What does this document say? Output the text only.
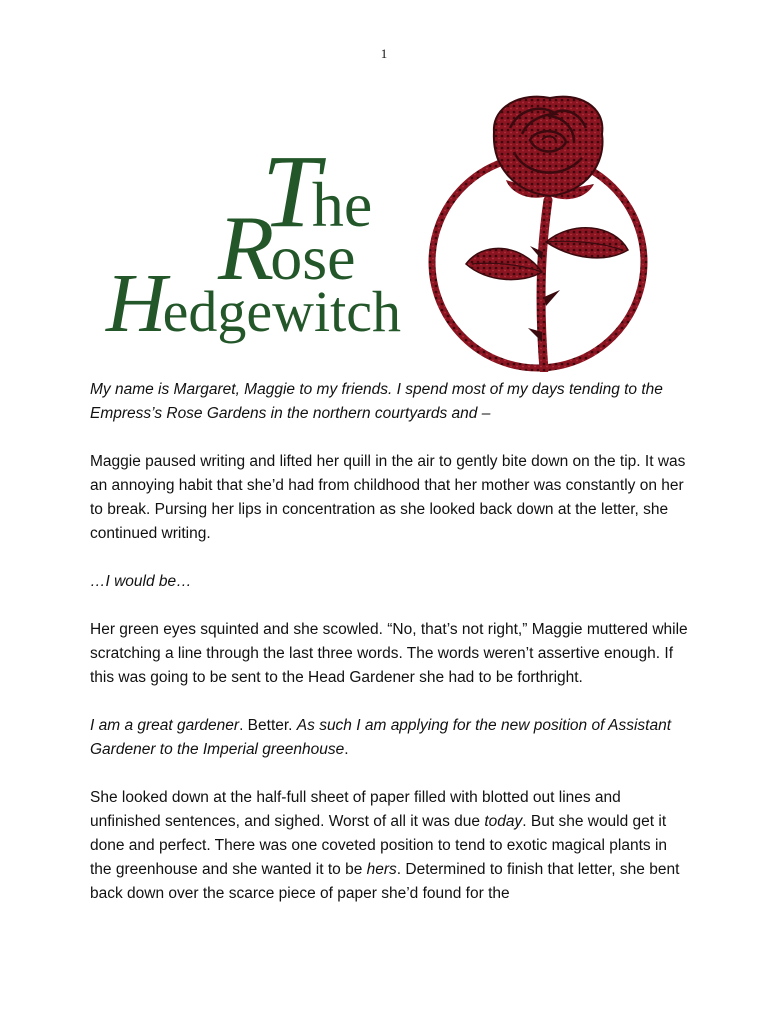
1
The
Rose
Hedgewitch

My name is Margaret, Maggie to my friends. I spend most of my days tending to the Empress’s Rose Gardens in the northern courtyards and –

Maggie paused writing and lifted her quill in the air to gently bite down on the tip. It was an annoying habit that she’d had from childhood that her mother was constantly on her to break. Pursing her lips in concentration as she looked back down at the letter, she continued writing.

…I would be…

Her green eyes squinted and she scowled. “No, that’s not right,” Maggie muttered while scratching a line through the last three words. The words weren’t assertive enough. If this was going to be sent to the Head Gardener she had to be forthright.

I am a great gardener. Better. As such I am applying for the new position of Assistant Gardener to the Imperial greenhouse.

She looked down at the half-full sheet of paper filled with blotted out lines and unfinished sentences, and sighed. Worst of all it was due today. But she would get it done and perfect. There was one coveted position to tend to exotic magical plants in the greenhouse and she wanted it to be hers. Determined to finish that letter, she bent back down over the scarce piece of paper she’d found for the
